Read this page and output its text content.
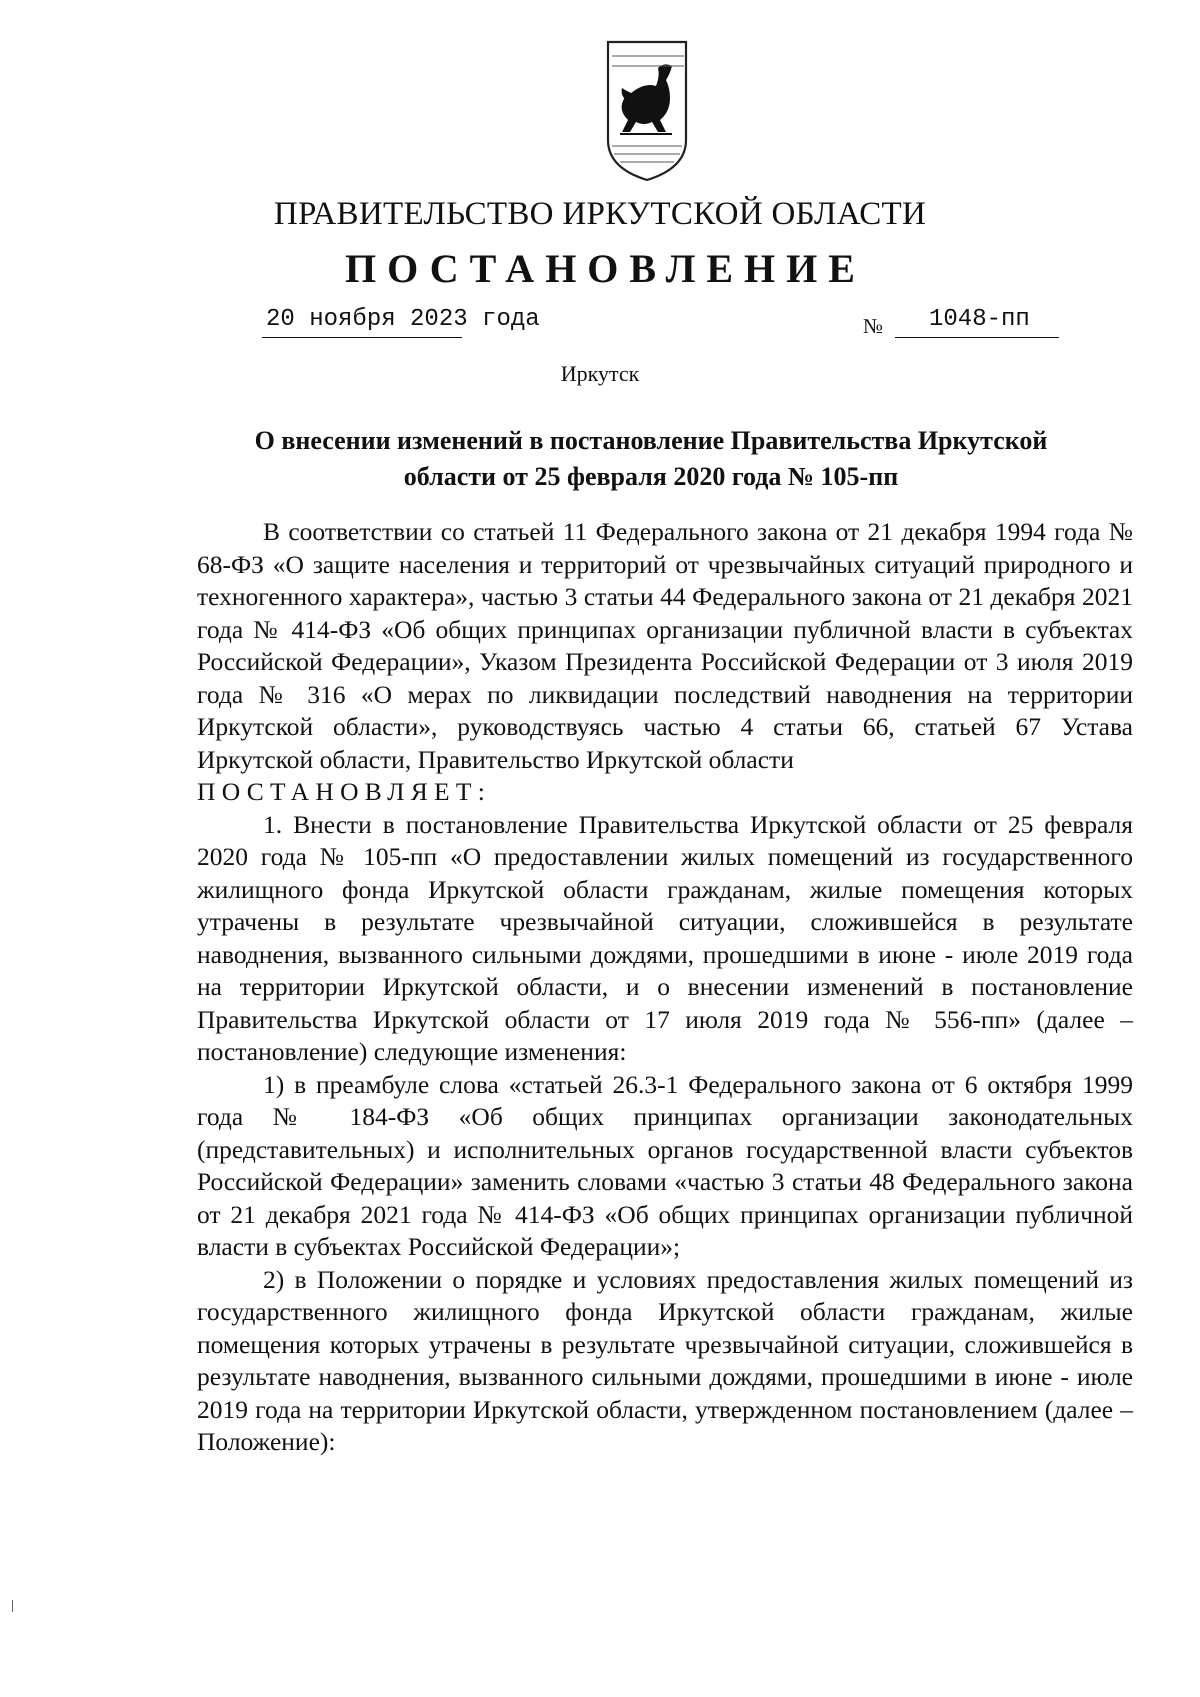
ПРАВИТЕЛЬСТВО ИРКУТСКОЙ ОБЛАСТИ
ПОСТАНОВЛЕНИЕ
20 ноября 2023 года	№	1048-пп
Иркутск
О внесении изменений в постановление Правительства Иркутской области от 25 февраля 2020 года № 105-пп

В соответствии со статьей 11 Федерального закона от 21 декабря 1994 года № 68-ФЗ «О защите населения и территорий от чрезвычайных ситуаций природного и техногенного характера», частью 3 статьи 44 Федерального закона от 21 декабря 2021 года № 414-ФЗ «Об общих принципах организации публичной власти в субъектах Российской Федерации», Указом Президента Российской Федерации от 3 июля 2019 года № 316 «О мерах по ликвидации последствий наводнения на территории Иркутской области», руководствуясь частью 4 статьи 66, статьей 67 Устава Иркутской области, Правительство Иркутской области

ПОСТАНОВЛЯЕТ:

1. Внести в постановление Правительства Иркутской области от 25 февраля 2020 года № 105-пп «О предоставлении жилых помещений из государственного жилищного фонда Иркутской области гражданам, жилые помещения которых утрачены в результате чрезвычайной ситуации, сложившейся в результате наводнения, вызванного сильными дождями, прошедшими в июне - июле 2019 года на территории Иркутской области, и о внесении изменений в постановление Правительства Иркутской области от 17 июля 2019 года № 556-пп» (далее – постановление) следующие изменения:

1) в преамбуле слова «статьей 26.3-1 Федерального закона от 6 октября 1999 года № 184-ФЗ «Об общих принципах организации законодательных (представительных) и исполнительных органов государственной власти субъектов Российской Федерации» заменить словами «частью 3 статьи 48 Федерального закона от 21 декабря 2021 года № 414-ФЗ «Об общих принципах организации публичной власти в субъектах Российской Федерации»;

2) в Положении о порядке и условиях предоставления жилых помещений из государственного жилищного фонда Иркутской области гражданам, жилые помещения которых утрачены в результате чрезвычайной ситуации, сложившейся в результате наводнения, вызванного сильными дождями, прошедшими в июне - июле 2019 года на территории Иркутской области, утвержденном постановлением (далее – Положение):
